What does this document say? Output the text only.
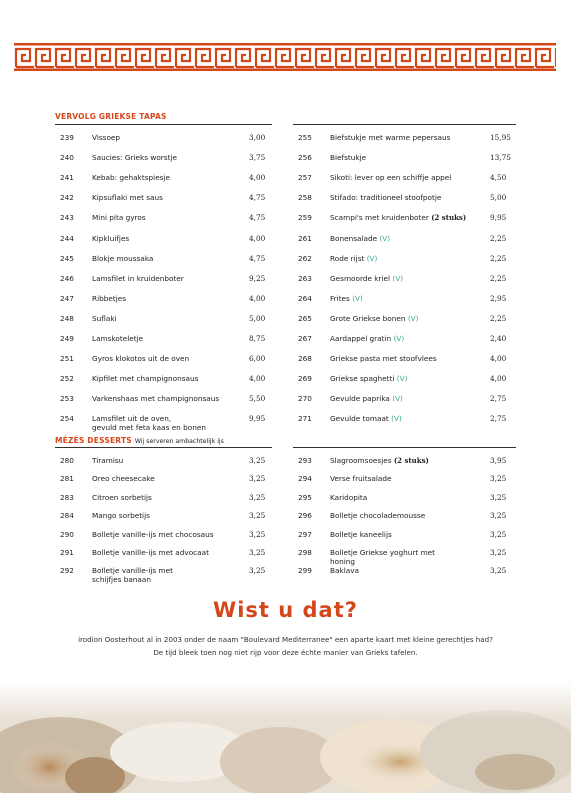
VERVOLG GRIEKSE TAPAS
239	Vissoep	3,00
240	Saucies: Grieks worstje	3,75
241	Kebab: gehaktspiesje	4,00
242	Kipsuflaki met saus	4,75
243	Mini pita gyros	4,75
244	Kipkluifjes	4,00
245	Blokje moussaka	4,75
246	Lamsfilet in kruidenboter	9,25
247	Ribbetjes	4,00
248	Suflaki	5,00
249	Lamskoteletje	8,75
251	Gyros klokotos uit de oven	6,00
252	Kipfilet met champignonsaus	4,00
253	Varkenshaas met champignonsaus	5,50
254	Lamsfilet uit de oven,
gevuld met feta kaas en bonen
9,95
255	Biefstukje met warme pepersaus	15,95
256	Biefstukje	13,75
257	Sikoti: lever op een schiffje appel	4,50
258	Stifado: traditioneel stoofpotje	5,00
259	Scampi's met kruidenboter (2 stuks)	9,95
261	Bonensalade (V)	2,25
262	Rode rijst (V)	2,25
263	Gesmoorde kriel (V)	2,25
264	Frites (V)	2,95
265	Grote Griekse bonen (V)	2,25
267	Aardappel gratin (V)	2,40
268	Griekse pasta met stoofvlees	4,00
269	Griekse spaghetti (V)	4,00
270	Gevulde paprika (V)	2,75
271	Gevulde tomaat (V)	2,75
MÉZÉS DESSERTS Wij serveren ambachtelijk ijs
280	Tiramisu	3,25
281	Oreo cheesecake	3,25
283	Citroen sorbetijs	3,25
284	Mango sorbetijs	3,25
290	Bolletje vanille-ijs met chocosaus	3,25
291	Bolletje vanille-ijs met advocaat	3,25
292	Bolletje vanille-ijs met
schijfjes banaan
3,25
293	Slagroomsoesjes (2 stuks)	3,95
294	Verse fruitsalade	3,25
295	Karidopita	3,25
296	Bolletje chocolademousse	3,25
297	Bolletje kaneelijs	3,25
298	Bolletje Griekse yoghurt met
honing
3,25
299	Baklava	3,25
Wist u dat?
irodion Oosterhout al in 2003 onder de naam "Boulevard Mediterranee" een aparte kaart met kleine gerechtjes had?
De tijd bleek toen nog niet rijp voor deze échte manier van Grieks tafelen.
